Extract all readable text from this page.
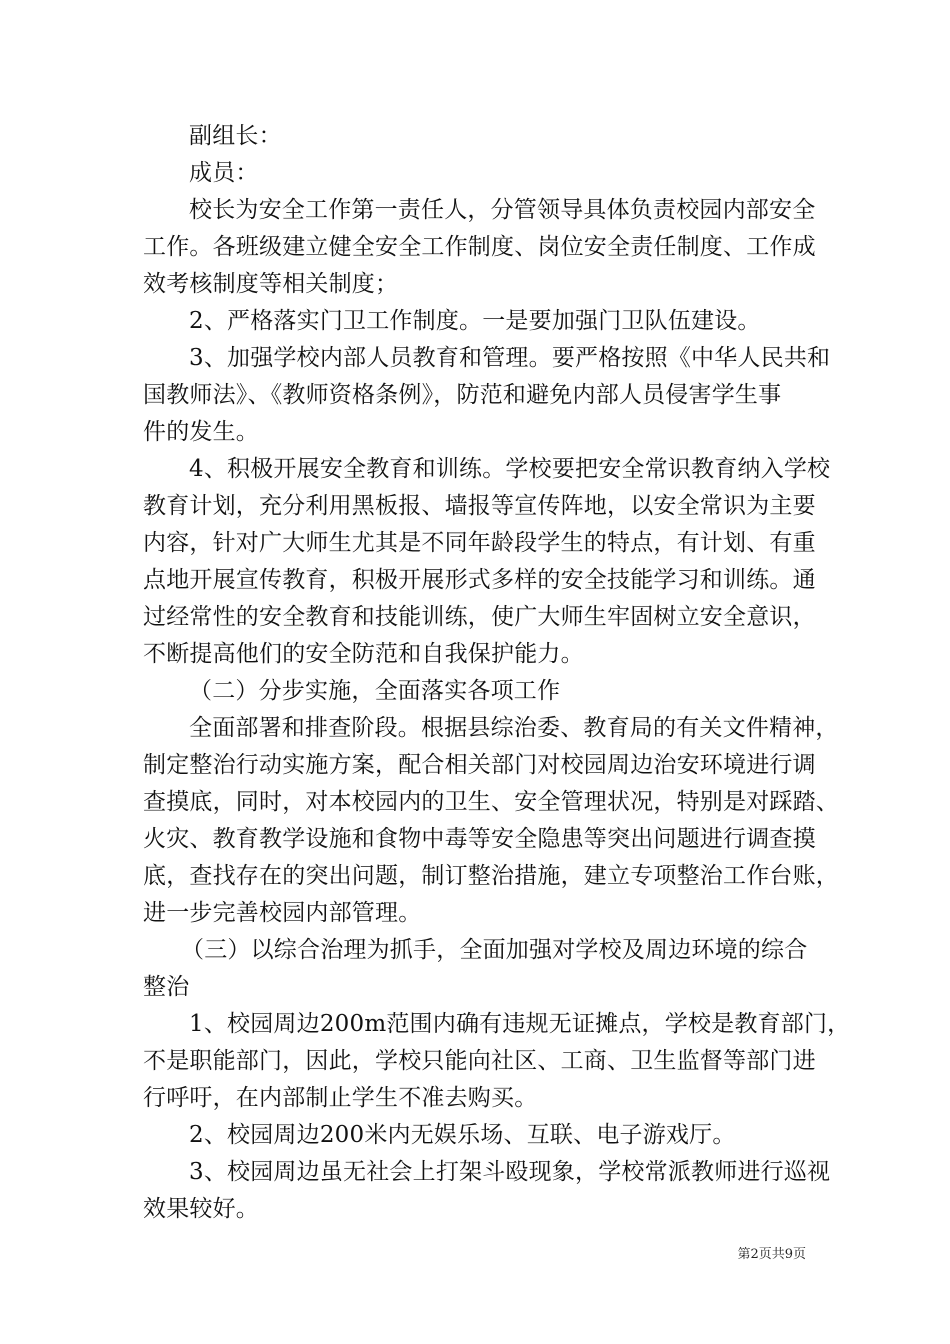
副组长：

成员：

校长为安全工作第一责任人，分管领导具体负责校园内部安全

工作。各班级建立健全安全工作制度、岗位安全责任制度、工作成

效考核制度等相关制度；

2、严格落实门卫工作制度。一是要加强门卫队伍建设。

3、加强学校内部人员教育和管理。要严格按照《中华人民共和

国教师法》、《教师资格条例》，防范和避免内部人员侵害学生事

件的发生。

4、积极开展安全教育和训练。学校要把安全常识教育纳入学校

教育计划，充分利用黑板报、墙报等宣传阵地，以安全常识为主要

内容，针对广大师生尤其是不同年龄段学生的特点，有计划、有重

点地开展宣传教育，积极开展形式多样的安全技能学习和训练。通

过经常性的安全教育和技能训练，使广大师生牢固树立安全意识，

不断提高他们的安全防范和自我保护能力。

（二）分步实施，全面落实各项工作

全面部署和排查阶段。根据县综治委、教育局的有关文件精神，

制定整治行动实施方案，配合相关部门对校园周边治安环境进行调

查摸底，同时，对本校园内的卫生、安全管理状况，特别是对踩踏、

火灾、教育教学设施和食物中毒等安全隐患等突出问题进行调查摸

底，查找存在的突出问题，制订整治措施，建立专项整治工作台账，

进一步完善校园内部管理。

（三）以综合治理为抓手，全面加强对学校及周边环境的综合

整治

1、校园周边200m范围内确有违规无证摊点，学校是教育部门，

不是职能部门，因此，学校只能向社区、工商、卫生监督等部门进

行呼吁，在内部制止学生不准去购买。

2、校园周边200米内无娱乐场、互联、电子游戏厅。

3、校园周边虽无社会上打架斗殴现象，学校常派教师进行巡视

效果较好。

第2页共9页
